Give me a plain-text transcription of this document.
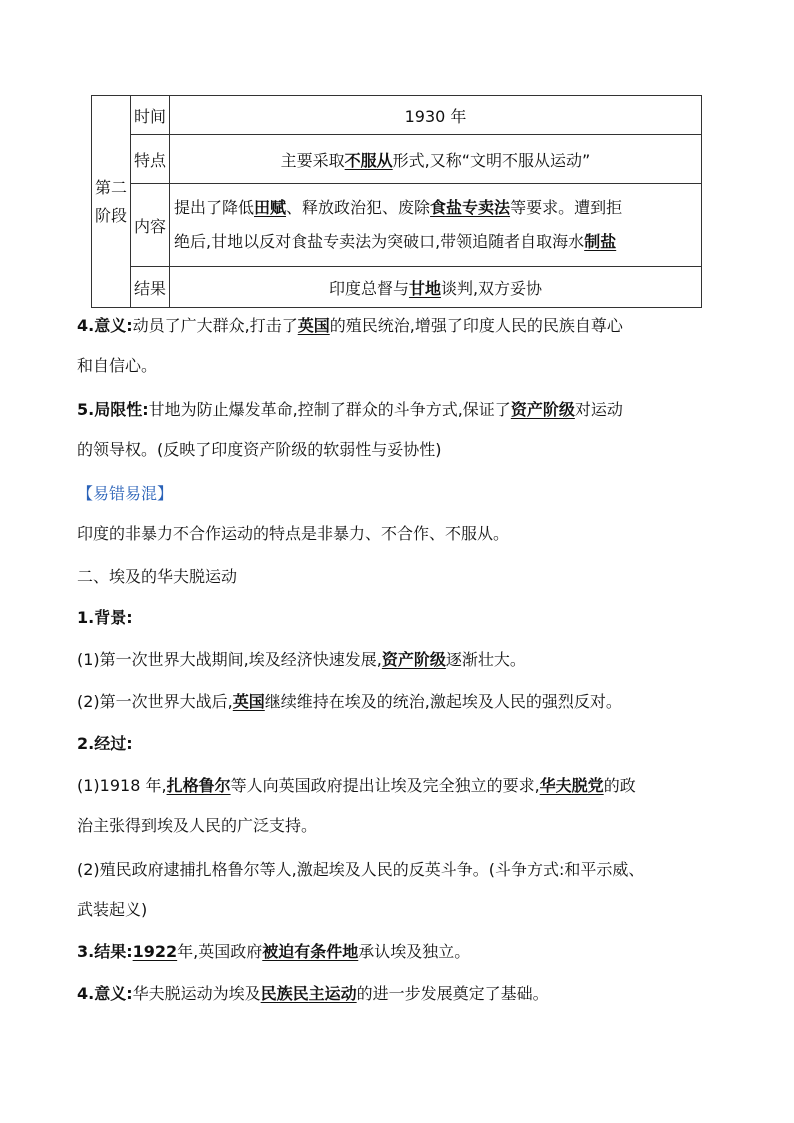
第二
阶段	时间	1930 年
	特点	主要采取不服从形式,又称“文明不服从运动”
	内容	提出了降低田赋、释放政治犯、废除食盐专卖法等要求。遭到拒
绝后,甘地以反对食盐专卖法为突破口,带领追随者自取海水制盐
	结果	印度总督与甘地谈判,双方妥协
4.意义:动员了广大群众,打击了英国的殖民统治,增强了印度人民的民族自尊心
和自信心。
5.局限性:甘地为防止爆发革命,控制了群众的斗争方式,保证了资产阶级对运动
的领导权。(反映了印度资产阶级的软弱性与妥协性)
【易错易混】
印度的非暴力不合作运动的特点是非暴力、不合作、不服从。
二、埃及的华夫脱运动
1.背景:
(1)第一次世界大战期间,埃及经济快速发展,资产阶级逐渐壮大。
(2)第一次世界大战后,英国继续维持在埃及的统治,激起埃及人民的强烈反对。
2.经过:
(1)1918 年,扎格鲁尔等人向英国政府提出让埃及完全独立的要求,华夫脱党的政
治主张得到埃及人民的广泛支持。
(2)殖民政府逮捕扎格鲁尔等人,激起埃及人民的反英斗争。(斗争方式:和平示威、
武装起义)
3.结果:1922年,英国政府被迫有条件地承认埃及独立。
4.意义:华夫脱运动为埃及民族民主运动的进一步发展奠定了基础。
